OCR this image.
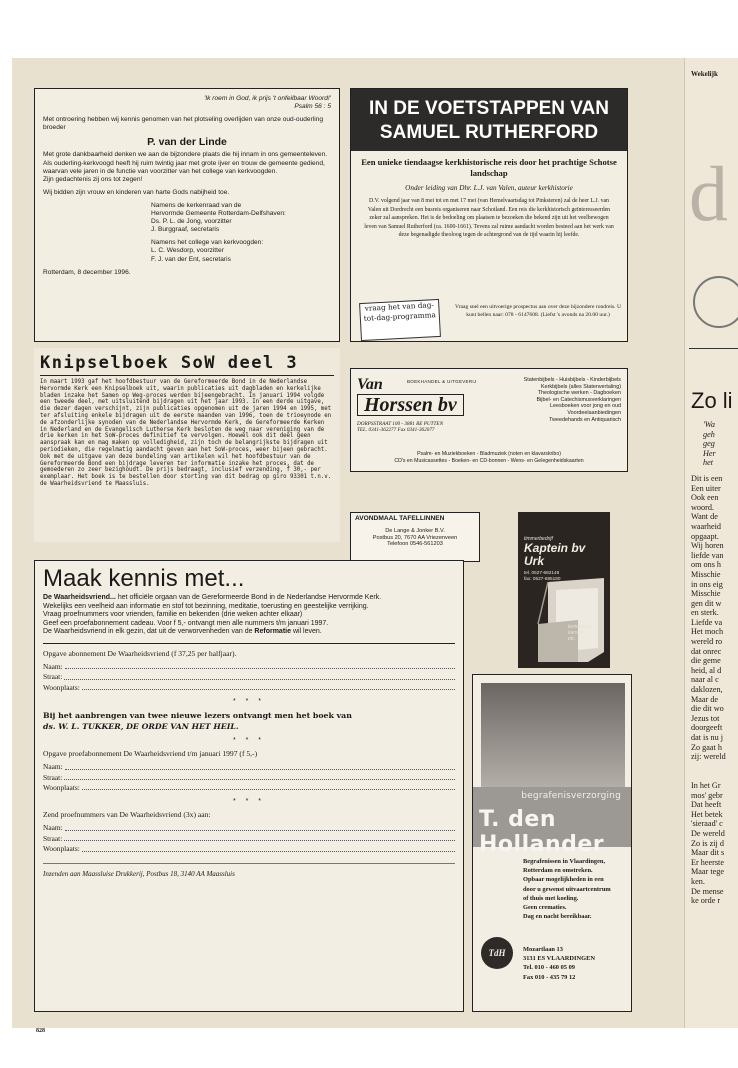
'Ik roem in God, ik prijs 't onfeilbaar Woord!'
Psalm 56 : 5

Met ontroering hebben wij kennis genomen van het plotseling overlijden van onze oud-ouderling broeder

P. van der Linde

Met grote dankbaarheid denken we aan de bijzondere plaats die hij innam in ons gemeenteleven. Als ouderling-kerkvoogd heeft hij ruim twintig jaar met grote ijver en trouw de gemeente gediend, waarvan vele jaren in de functie van voorzitter van het college van kerkvoogden.
Zijn gedachtenis zij ons tot zegen!

Wij bidden zijn vrouw en kinderen van harte Gods nabijheid toe.

Namens de kerkenraad van de
Hervormde Gemeente Rotterdam-Delfshaven:
Ds. P. L. de Jong, voorzitter
J. Burggraaf, secretaris
Namens het college van kerkvoogden:
L. C. Wesdorp, voorzitter
F. J. van der Ent, secretaris
Rotterdam, 8 december 1996.
IN DE VOETSTAPPEN VAN
SAMUEL RUTHERFORD
Een unieke tiendaagse kerkhistorische reis door het prachtige Schotse landschap
Onder leiding van Dhr. L.J. van Valen, auteur kerkhistorie
D.V. volgend jaar van 8 mei tot en met 17 mei (van Hemelvaartsdag tot Pinksteren) zal de heer L.J. van Valen uit Dordrecht een busreis organiseren naar Schotland. Een reis die kerkhistorisch geïnteresseerden zeker zal aanspreken. Het is de bedoeling om plaatsen te bezoeken die bekend zijn uit het veelbewogen leven van Samuel Rutherford (ca. 1600-1661). Tevens zal ruime aandacht worden besteed aan het werk van deze begenadigde theoloog tegen de achtergrond van de tijd waarin hij leefde.
vraag het van dag-tot-dag-programma
Vraag snel een uitvoerige prospectus aan over deze bijzondere rondreis. U kunt bellen naar: 078 - 6147608. (Liefst 's avonds na 20.00 uur.)
Knipselboek SoW deel 3
In maart 1993 gaf het hoofdbestuur van de Gereformeerde Bond in de Nederlandse Hervormde Kerk een Knipselboek uit, waarin publicaties uit dagbladen en kerkelijke bladen inzake het Samen op Weg-proces werden bijeengebracht. In januari 1994 volgde een tweede deel, met uitsluitend bijdragen uit het jaar 1993. In een derde uitgave, die dezer dagen verschijnt, zijn publicaties opgenomen uit de jaren 1994 en 1995, met ter afsluiting enkele bijdragen uit de eerste maanden van 1996, toen de trioeynode en de afzonderlijke synoden van de Nederlandse Hervormde Kerk, de Gereformeerde Kerken in Nederland en de Evangelisch Lutherse Kerk besloten de weg naar vereniging van de drie kerken in het SoW-proces definitief te vervolgen. Hoewel ook dit deel geen aanspraak kan en mag maken op volledigheid, zijn toch de belangrijkste bijdragen uit periodieken, die regelmatig aandacht geven aan het SoW-proces, weer bijeen gebracht. Ook met de uitgave van deze bundeling van artikelen wil het hoofdbestuur van de Gereformeerde Bond een bijdrage leveren ter informatie inzake het proces, dat de gemoederen zo zeer bezighoudt. De prijs bedraagt, inclusief verzending, f 30,- per exemplaar. Het boek is te bestellen door storting van dit bedrag op giro 93301 t.n.v. de Waarheidsvriend te Maassluis.
Van
Horssen bv
BOEKHANDEL & UITGEVERIJ
DORPSSTRAAT 100 - 3881 BE PUTTEN
TEL. 0341-362277 Fax 0341-362077
Statenbijbels - Huisbijbels - Kinderbijbels
Kerkbijbels (alles Statenvertaling)
Theologische werken - Dagboeken
Bijbel- en Catechismusverklaringen
Leesboeken voor jong en oud
Voordeelaanbiedingen
Tweedehands en Antiquarisch
Psalm- en Muziekboeken - Bladmuziek (noten en klavarskribo)
CD's en Musicassettes - Boeken- en CD-bonnen - Wens- en Gelegenheidskaarten
AVONDMAAL TAFELLINNEN
De Lange & Jonker B.V.
Postbus 20, 7670 AA Vriezenveen
Telefoon 0546-561203
timmerbedrijf
Kaptein bv
Urk
tel. 0527-682148
fax: 0527-685180
kerkbanken
kansel
etc.
Maak kennis met...
De Waarheidsvriend... het officiële orgaan van de Gereformeerde Bond in de Nederlandse Hervormde Kerk.
Wekelijks een veelheid aan informatie en stof tot bezinning, meditatie, toerusting en geestelijke verrijking.
Vraag proefnummers voor vrienden, familie en bekenden (drie weken achter elkaar)
Geef een proefabonnement cadeau. Voor f 5,- ontvangt men alle nummers t/m januari 1997.
De Waarheidsvriend in elk gezin, dat uit de verworvenheden van de Reformatie wil leven.
Opgave abonnement De Waarheidsvriend (f 37,25 per halfjaar).
Naam:
Straat:
Woonplaats:
* * *
Bij het aanbrengen van twee nieuwe lezers ontvangt men het boek van
ds. W. L. TUKKER, DE ORDE VAN HET HEIL.
* * *
Opgave proefabonnement De Waarheidsvriend t/m januari 1997 (f 5,-)
Naam:
Straat:
Woonplaats:
* * *
Zend proefnummers van De Waarheidsvriend (3x) aan:
Naam:
Straat:
Woonplaats:
Inzenden aan Maassluise Drukkerij, Postbus 18, 3140 AA Maassluis
begrafenisverzorging
T. den Hollander
Begrafenissen in Vlaardingen,
Rotterdam en omstreken.
Opbaar mogelijkheden in een
door u gewenst uitvaartcentrum
of thuis met koeling.
Geen crematies.
Dag en nacht bereikbaar.
TdH	Mozartlaan 13
3131 ES VLAARDINGEN
Tel. 010 - 460 05 09
Fax 010 - 435 79 12
828
Wekelijk
d
Zo li
'Wa
geh
geg
Her
het
Dit is een
Een uiter
Ook een
woord.
Want de
waarheid
opgaapt.
Wij horen
liefde van
om ons h
Misschie
in ons eig
Misschie
gen dit w
en sterk.
Liefde va
Het moch
wereld ro
dat onrec
die geme
heid, al d
naar al c
daklozen,
Maar de
die dit wo
Jezus tot
doorgeeft
dat is nu j
Zo gaat h
zij: wereld

In het Gr
mos' gebr
Dat heeft
Het betek
'sieraad' c
De wereld
Zo is zij d
Maar dit s
Er heerste
Maar tege
ken.
De mense
ke orde r
